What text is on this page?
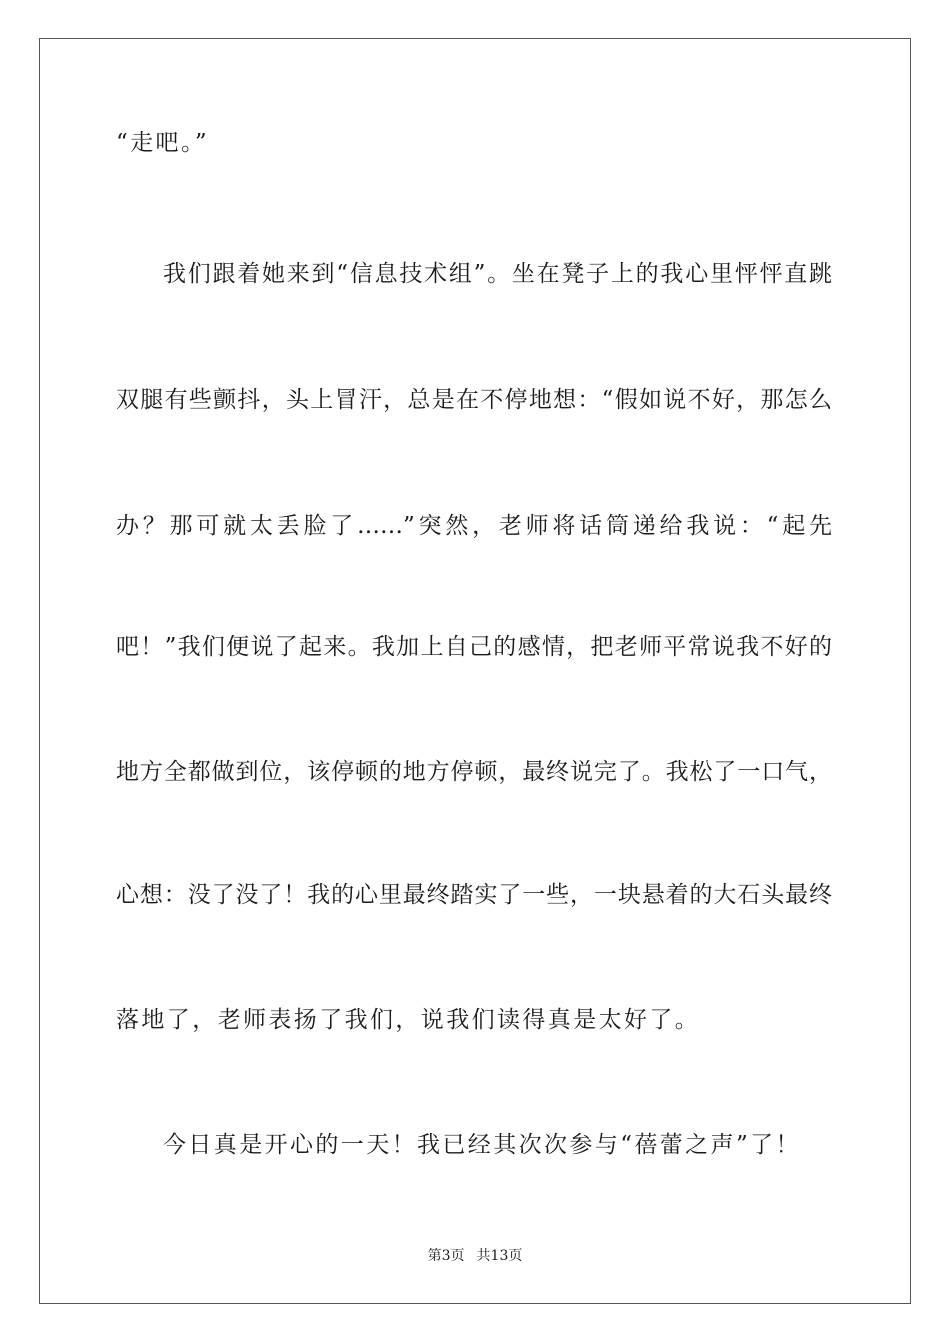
“走吧。”
我们跟着她来到“信息技术组”。坐在凳子上的我心里怦怦直跳
双腿有些颤抖，头上冒汗，总是在不停地想：“假如说不好，那怎么
办？那可就太丢脸了……”突然，老师将话筒递给我说：“起先
吧！”我们便说了起来。我加上自己的感情，把老师平常说我不好的
地方全都做到位，该停顿的地方停顿，最终说完了。我松了一口气，
心想：没了没了！我的心里最终踏实了一些，一块悬着的大石头最终
落地了，老师表扬了我们，说我们读得真是太好了。
今日真是开心的一天！我已经其次次参与“蓓蕾之声”了！
第3页 共13页
